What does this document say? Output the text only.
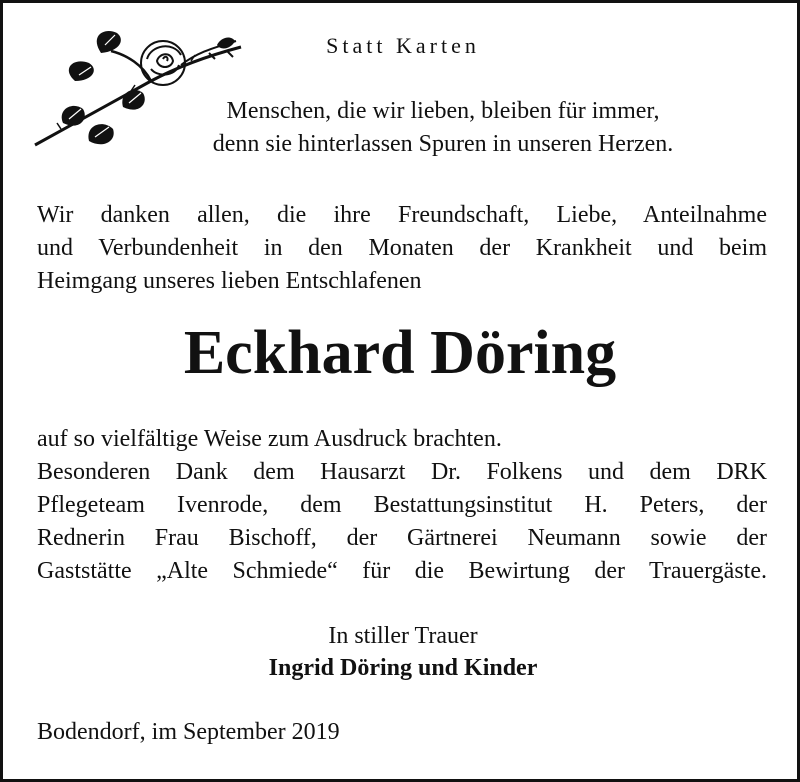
Statt Karten
Menschen, die wir lieben, bleiben für immer,
denn sie hinterlassen Spuren in unseren Herzen.
Wir danken allen, die ihre Freundschaft, Liebe, Anteilnahme
und Verbundenheit in den Monaten der Krankheit und beim
Heimgang unseres lieben Entschlafenen
Eckhard Döring
auf so vielfältige Weise zum Ausdruck brachten.
Besonderen Dank dem Hausarzt Dr. Folkens und dem DRK
Pflegeteam Ivenrode, dem Bestattungsinstitut H. Peters, der
Rednerin Frau Bischoff, der Gärtnerei Neumann sowie der
Gaststätte „Alte Schmiede“ für die Bewirtung der Trauergäste.
In stiller Trauer
Ingrid Döring und Kinder
Bodendorf, im September 2019
